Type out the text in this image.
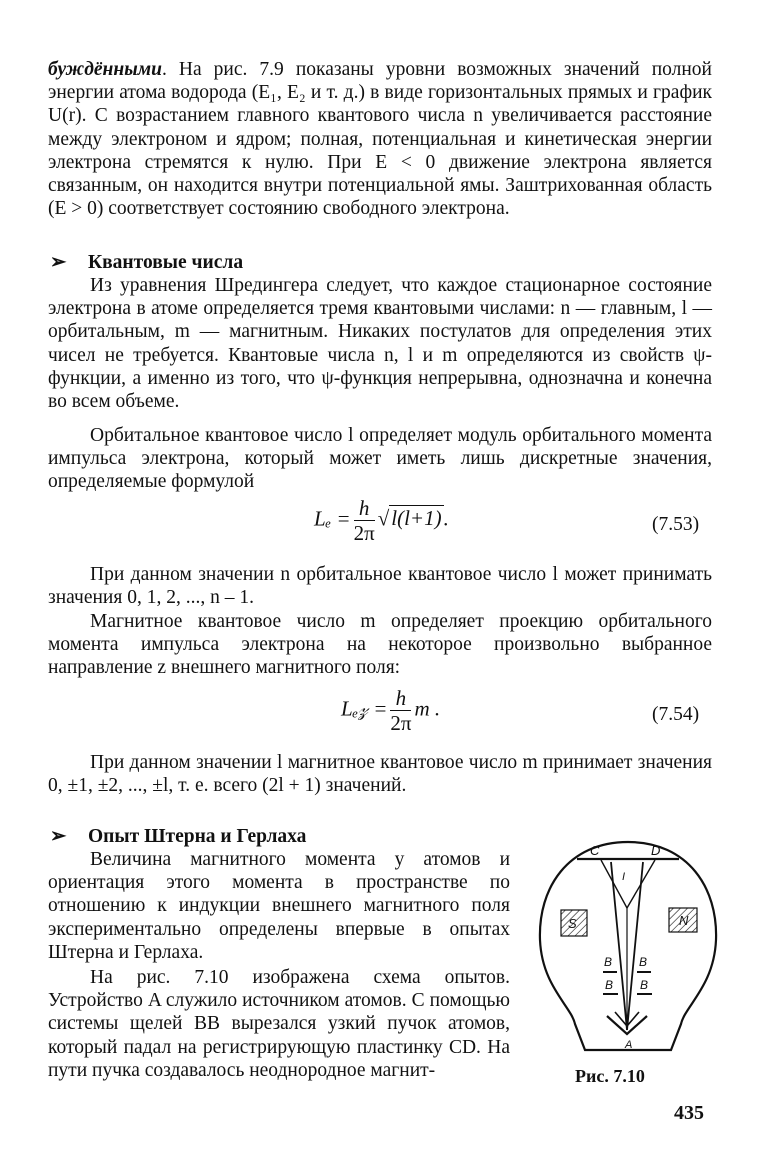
буждёнными. На рис. 7.9 показаны уровни возможных значений полной энергии атома водорода (E₁, E₂ и т. д.) в виде горизонтальных прямых и график U(r). С возрастанием главного квантового числа n увеличивается расстояние между электроном и ядром; полная, потенциальная и кинетическая энергии электрона стремятся к нулю. При E < 0 движение электрона является связанным, он находится внутри потенциальной ямы. Заштрихованная область (E > 0) соответствует состоянию свободного электрона.

➢ Квантовые числа
Из уравнения Шредингера следует, что каждое стационарное состояние электрона в атоме определяется тремя квантовыми числами: n — главным, l — орбитальным, m — магнитным. Никаких постулатов для определения этих чисел не требуется. Квантовые числа n, l и m определяются из свойств ψ-функции, а именно из того, что ψ-функция непрерывна, однозначна и конечна во всем объеме.
Орбитальное квантовое число l определяет модуль орбитального момента импульса электрона, который может иметь лишь дискретные значения, определяемые формулой
$L_e = \frac{h}{2\pi} √l(l+1)$.	(7.53)
При данном значении n орбитальное квантовое число l может принимать значения 0, 1, 2, ..., n – 1.
Магнитное квантовое число m определяет проекцию орбитального момента импульса электрона на некоторое произвольно выбранное направление z внешнего магнитного поля:
Lₑ𝓏 = $\frac{h}{2\pi}$ m .	(7.54)
При данном значении l магнитное квантовое число m принимает значения 0, ±1, ±2, ..., ±l, т. е. всего (2l + 1) значений.
➢ Опыт Штерна и Герлаха
Величина магнитного момента у атомов и ориентация этого момента в пространстве по отношению к индукции внешнего магнитного поля экспериментально определены впервые в опытах Штерна и Герлаха.
На рис. 7.10 изображена схема опытов. Устройство A служило источником атомов. С помощью системы щелей BB вырезался узкий пучок атомов, который падал на регистрирующую пластинку CD. На пути пучка создавалось неоднородное магнит-
C	D
I
S	N
B B
B B
A
Рис. 7.10
435
